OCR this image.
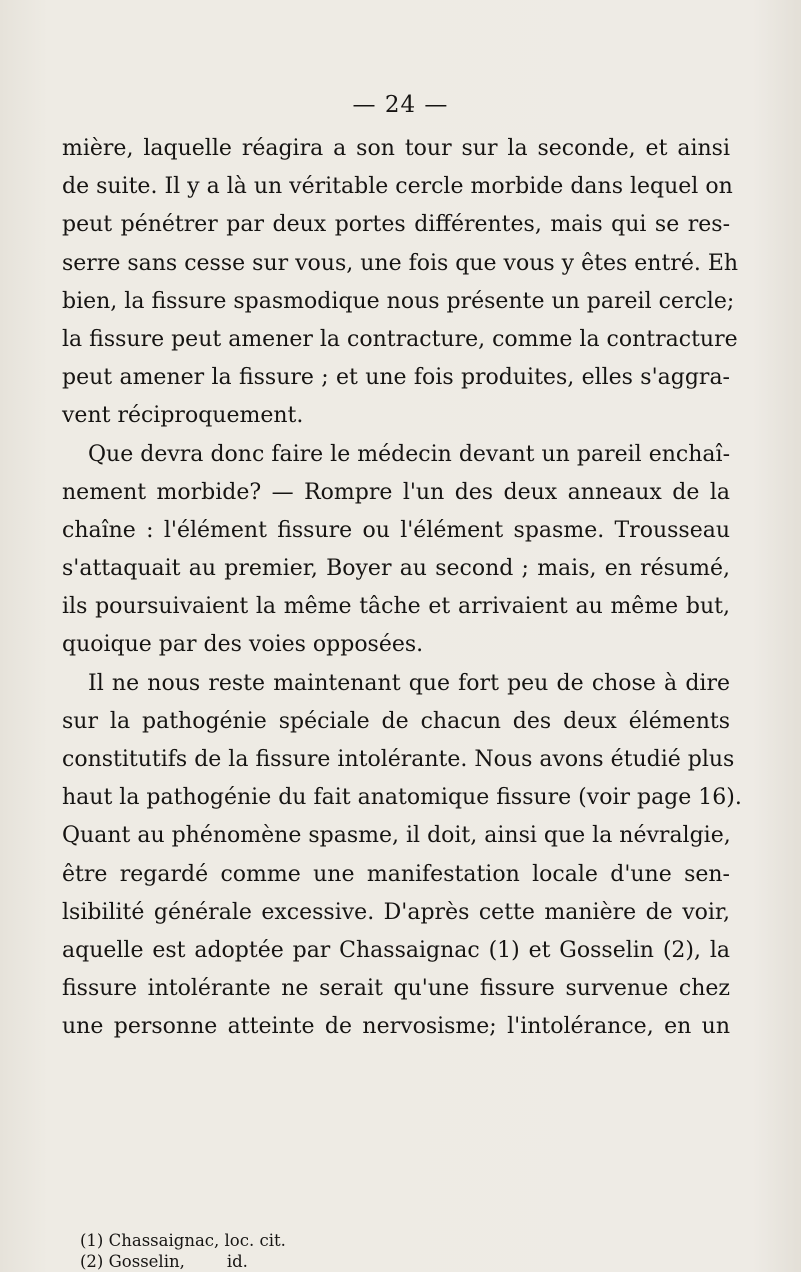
— 24 —
mière, laquelle réagira a son tour sur la seconde, et ainsi
de suite. Il y a là un véritable cercle morbide dans lequel on
peut pénétrer par deux portes différentes, mais qui se res-
serre sans cesse sur vous, une fois que vous y êtes entré. Eh
bien, la fissure spasmodique nous présente un pareil cercle;
la fissure peut amener la contracture, comme la contracture
peut amener la fissure ; et une fois produites, elles s'aggra-
vent réciproquement.
Que devra donc faire le médecin devant un pareil enchaî-
nement morbide? — Rompre l'un des deux anneaux de la
chaîne : l'élément fissure ou l'élément spasme. Trousseau
s'attaquait au premier, Boyer au second ; mais, en résumé,
ils poursuivaient la même tâche et arrivaient au même but,
quoique par des voies opposées.
Il ne nous reste maintenant que fort peu de chose à dire
sur la pathogénie spéciale de chacun des deux éléments
constitutifs de la fissure intolérante. Nous avons étudié plus
haut la pathogénie du fait anatomique fissure (voir page 16).
Quant au phénomène spasme, il doit, ainsi que la névralgie,
être regardé comme une manifestation locale d'une sen-
lsibilité générale excessive. D'après cette manière de voir,
aquelle est adoptée par Chassaignac (1) et Gosselin (2), la
fissure intolérante ne serait qu'une fissure survenue chez
une personne atteinte de nervosisme; l'intolérance, en un
(1) Chassaignac, loc. cit.
(2) Gosselin,        id.
